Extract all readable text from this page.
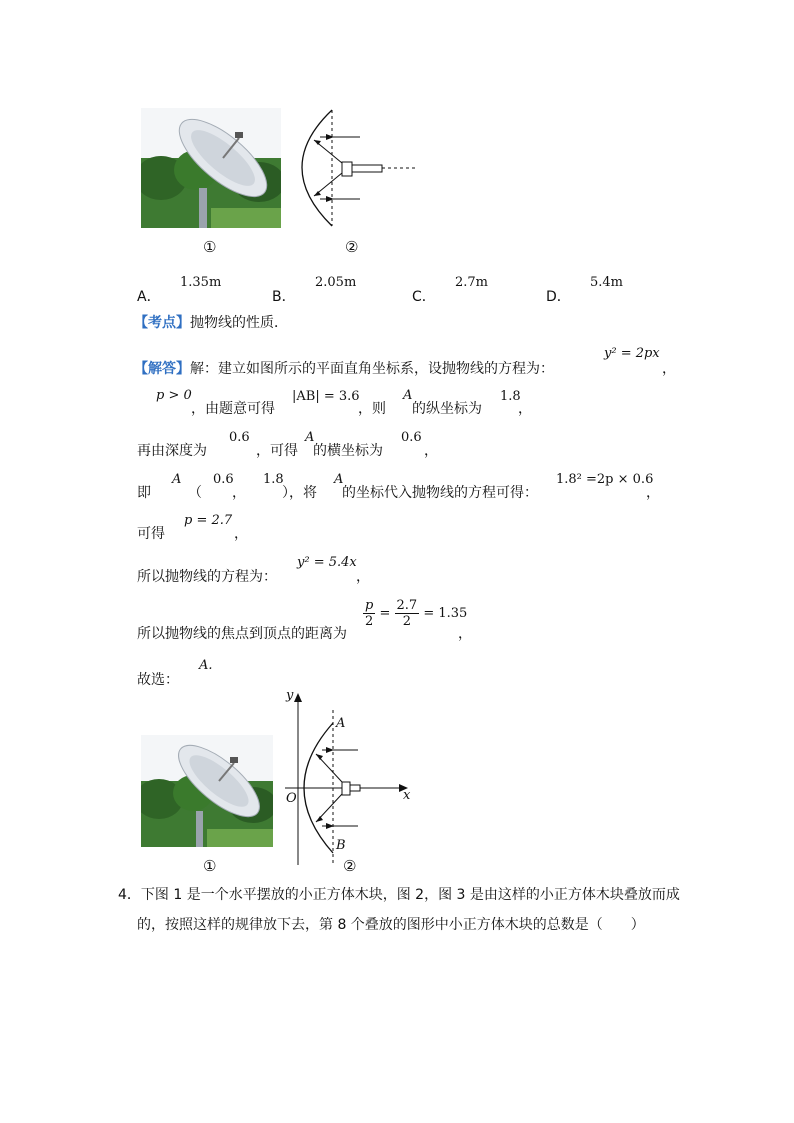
①	②
A．
1.35m
B．
2.05m
C．
2.7m
D．
5.4m
【考点】抛物线的性质．
【解答】解：建立如图所示的平面直角坐标系，设抛物线的方程为：
y² = 2px
，
p > 0
，由题意可得
|AB| = 3.6
，则
A
的纵坐标为
1.8
，
再由深度为
0.6
，可得
A
的横坐标为
0.6
，
即
A
（
0.6
，
1.8
），将
A
的坐标代入抛物线的方程可得：
1.8² =2p × 0.6
，
可得
p = 2.7
，
所以抛物线的方程为：
y² = 5.4x
，
所以抛物线的焦点到顶点的距离为
$\frac{p}{2} = \frac{2.7}{2} = 1.35$
，
故选：
A.
y
x
O
A
B
①	②
4．下图 1 是一个水平摆放的小正方体木块，图 2，图 3 是由这样的小正方体木块叠放而成
的，按照这样的规律放下去，第 8 个叠放的图形中小正方体木块的总数是（　　）
